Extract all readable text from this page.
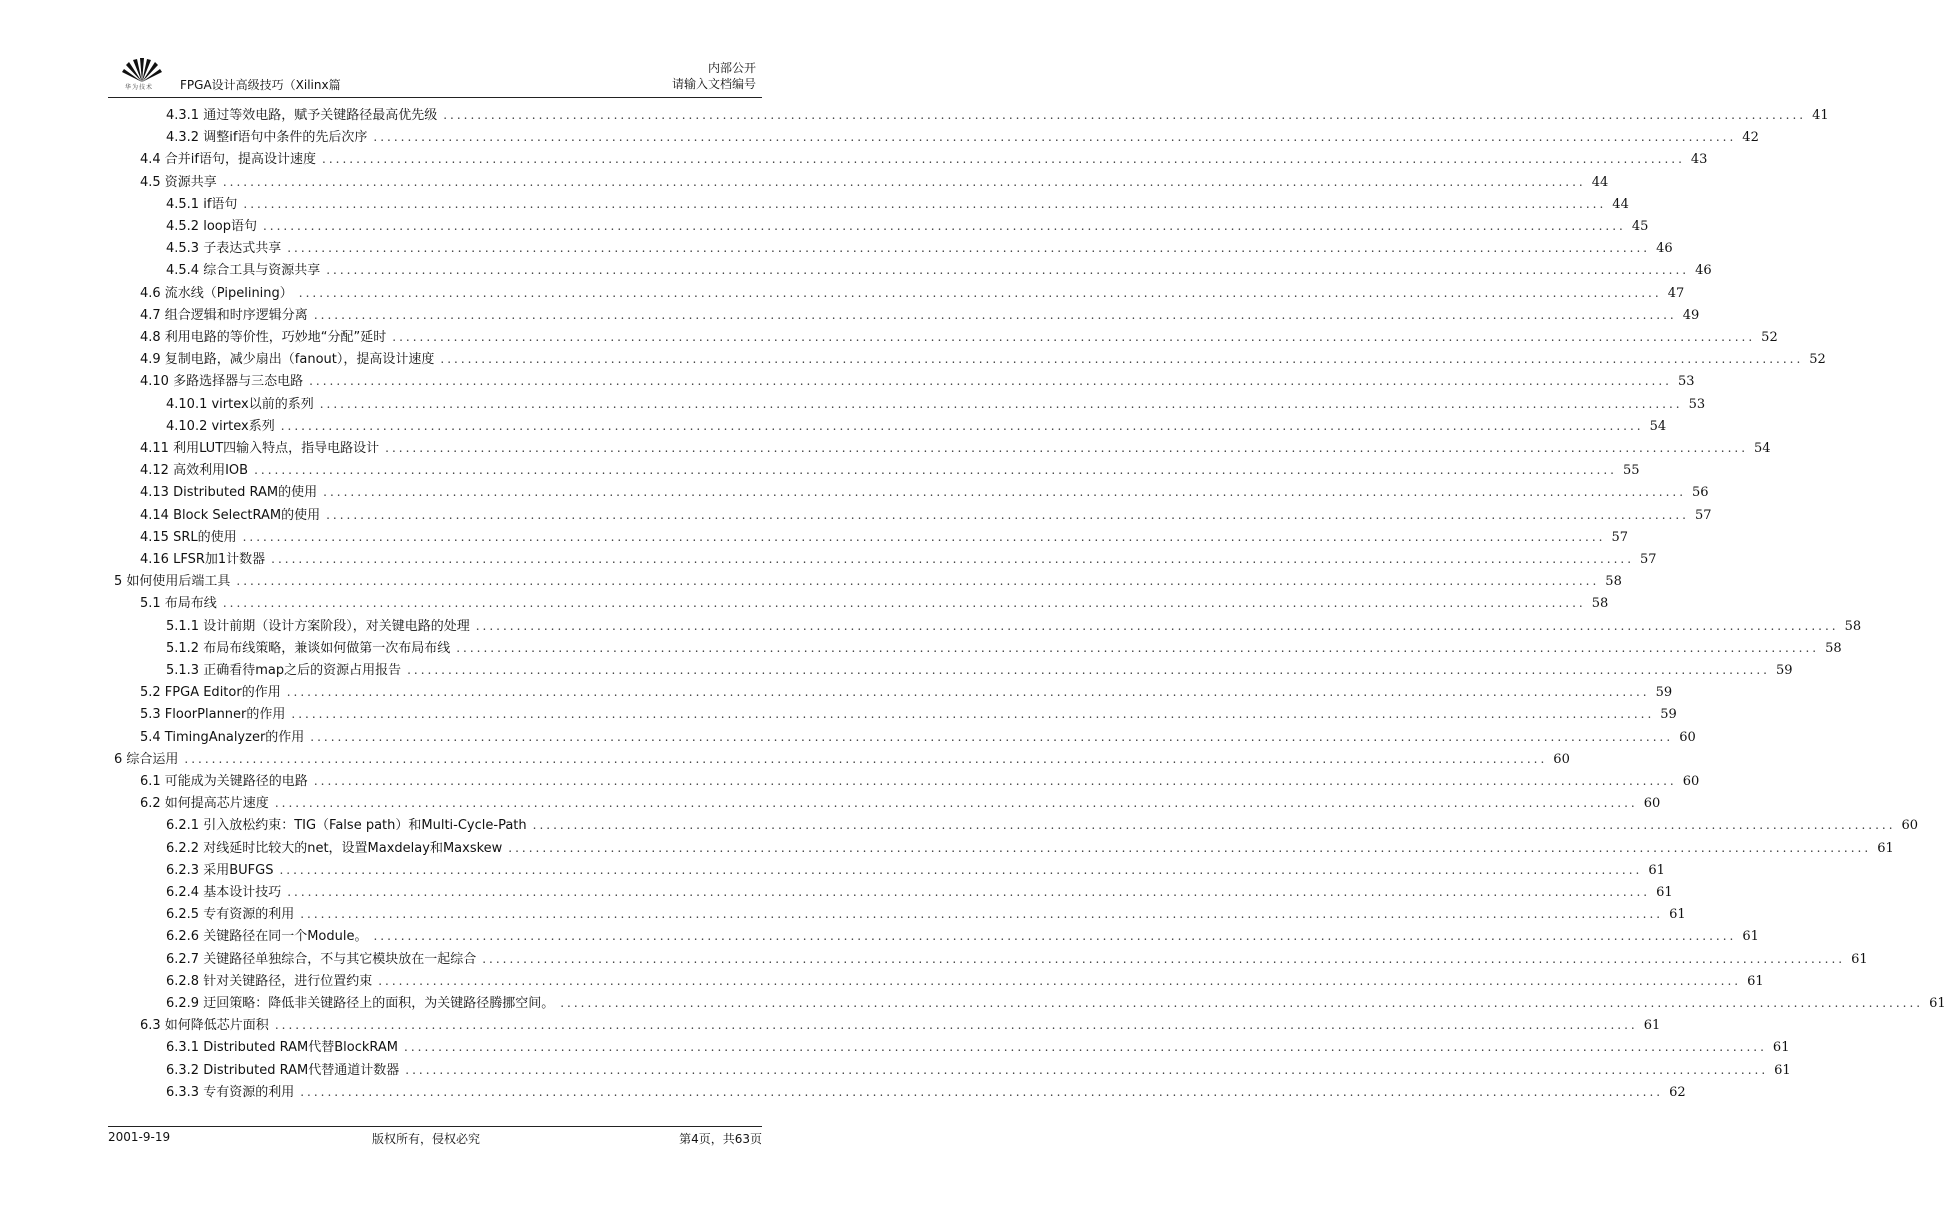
华为技术 FPGA设计高级技巧（Xilinx篇
内部公开
请输入文档编号
4.3.1 通过等效电路，赋予关键路径最高优先级 ........................................................................................................................................................................................................ 41
4.3.2 调整if语句中条件的先后次序 ........................................................................................................................................................................................................ 42
4.4 合并if语句，提高设计速度 ........................................................................................................................................................................................................ 43
4.5 资源共享 ........................................................................................................................................................................................................ 44
4.5.1 if语句 ........................................................................................................................................................................................................ 44
4.5.2 loop语句 ........................................................................................................................................................................................................ 45
4.5.3 子表达式共享 ........................................................................................................................................................................................................ 46
4.5.4 综合工具与资源共享 ........................................................................................................................................................................................................ 46
4.6 流水线（Pipelining） ........................................................................................................................................................................................................ 47
4.7 组合逻辑和时序逻辑分离 ........................................................................................................................................................................................................ 49
4.8 利用电路的等价性，巧妙地“分配”延时 ........................................................................................................................................................................................................ 52
4.9 复制电路，减少扇出（fanout），提高设计速度 ........................................................................................................................................................................................................ 52
4.10 多路选择器与三态电路 ........................................................................................................................................................................................................ 53
4.10.1 virtex以前的系列 ........................................................................................................................................................................................................ 53
4.10.2 virtex系列 ........................................................................................................................................................................................................ 54
4.11 利用LUT四输入特点，指导电路设计 ........................................................................................................................................................................................................ 54
4.12 高效利用IOB ........................................................................................................................................................................................................ 55
4.13 Distributed RAM的使用 ........................................................................................................................................................................................................ 56
4.14 Block SelectRAM的使用 ........................................................................................................................................................................................................ 57
4.15 SRL的使用 ........................................................................................................................................................................................................ 57
4.16 LFSR加1计数器 ........................................................................................................................................................................................................ 57
5 如何使用后端工具 ........................................................................................................................................................................................................ 58
5.1 布局布线 ........................................................................................................................................................................................................ 58
5.1.1 设计前期（设计方案阶段），对关键电路的处理 ........................................................................................................................................................................................................ 58
5.1.2 布局布线策略，兼谈如何做第一次布局布线 ........................................................................................................................................................................................................ 58
5.1.3 正确看待map之后的资源占用报告 ........................................................................................................................................................................................................ 59
5.2 FPGA Editor的作用 ........................................................................................................................................................................................................ 59
5.3 FloorPlanner的作用 ........................................................................................................................................................................................................ 59
5.4 TimingAnalyzer的作用 ........................................................................................................................................................................................................ 60
6 综合运用 ........................................................................................................................................................................................................ 60
6.1 可能成为关键路径的电路 ........................................................................................................................................................................................................ 60
6.2 如何提高芯片速度 ........................................................................................................................................................................................................ 60
6.2.1 引入放松约束：TIG（False path）和Multi-Cycle-Path ........................................................................................................................................................................................................ 60
6.2.2 对线延时比较大的net，设置Maxdelay和Maxskew ........................................................................................................................................................................................................ 61
6.2.3 采用BUFGS ........................................................................................................................................................................................................ 61
6.2.4 基本设计技巧 ........................................................................................................................................................................................................ 61
6.2.5 专有资源的利用 ........................................................................................................................................................................................................ 61
6.2.6 关键路径在同一个Module。 ........................................................................................................................................................................................................ 61
6.2.7 关键路径单独综合，不与其它模块放在一起综合 ........................................................................................................................................................................................................ 61
6.2.8 针对关键路径，进行位置约束 ........................................................................................................................................................................................................ 61
6.2.9 迂回策略：降低非关键路径上的面积，为关键路径腾挪空间。 ........................................................................................................................................................................................................ 61
6.3 如何降低芯片面积 ........................................................................................................................................................................................................ 61
6.3.1 Distributed RAM代替BlockRAM ........................................................................................................................................................................................................ 61
6.3.2 Distributed RAM代替通道计数器 ........................................................................................................................................................................................................ 61
6.3.3 专有资源的利用 ........................................................................................................................................................................................................ 62
2001-9-19	版权所有，侵权必究	第4页，共63页
